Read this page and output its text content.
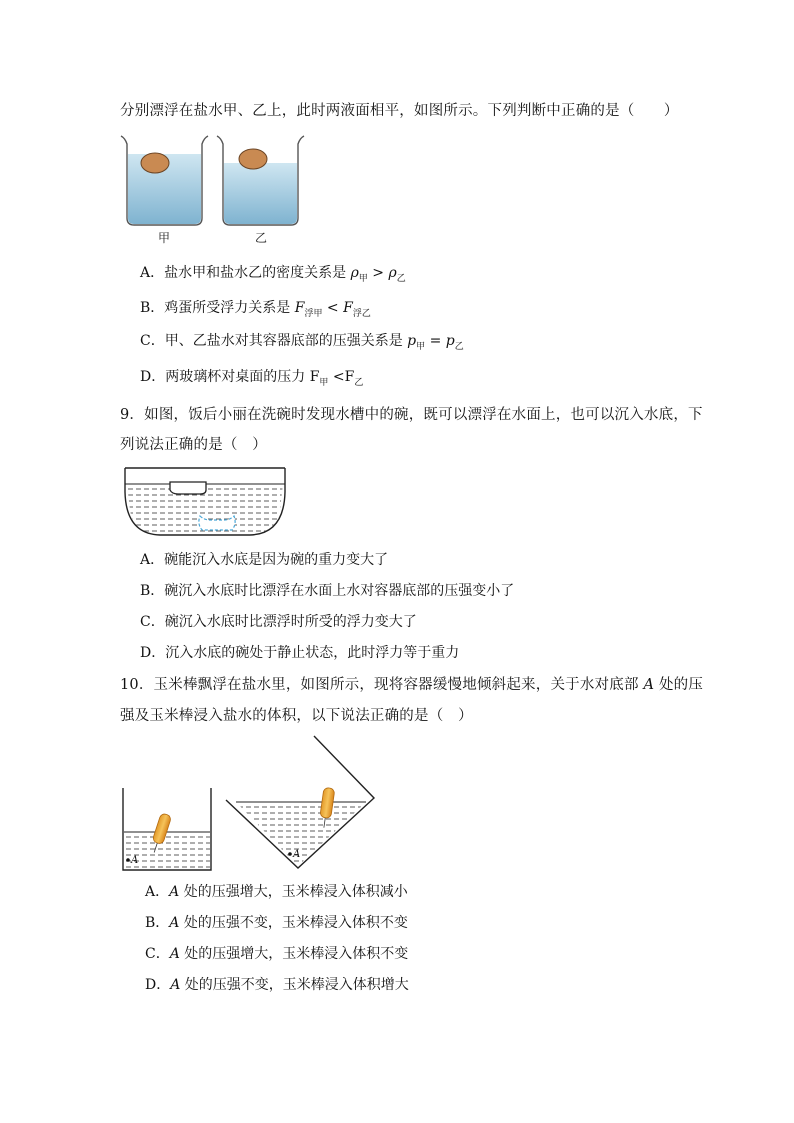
分别漂浮在盐水甲、乙上，此时两液面相平，如图所示。下列判断中正确的是（　　）
甲	乙
A．盐水甲和盐水乙的密度关系是 $\rho_甲 > \rho_乙$
B．鸡蛋所受浮力关系是 $F_{浮甲} < F_{浮乙}$
C．甲、乙盐水对其容器底部的压强关系是 $p_甲 = p_乙$
D．两玻璃杯对桌面的压力 $F_甲 <F_乙$
9．如图，饭后小丽在洗碗时发现水槽中的碗，既可以漂浮在水面上，也可以沉入水底，下
列说法正确的是（　）
A．碗能沉入水底是因为碗的重力变大了
B．碗沉入水底时比漂浮在水面上水对容器底部的压强变小了
C．碗沉入水底时比漂浮时所受的浮力变大了
D．沉入水底的碗处于静止状态，此时浮力等于重力
10．玉米棒飘浮在盐水里，如图所示，现将容器缓慢地倾斜起来，关于水对底部 A 处的压
强及玉米棒浸入盐水的体积，以下说法正确的是（　）
A
A
A．A 处的压强增大，玉米棒浸入体积减小
B．A 处的压强不变，玉米棒浸入体积不变
C．A 处的压强增大，玉米棒浸入体积不变
D．A 处的压强不变，玉米棒浸入体积增大
